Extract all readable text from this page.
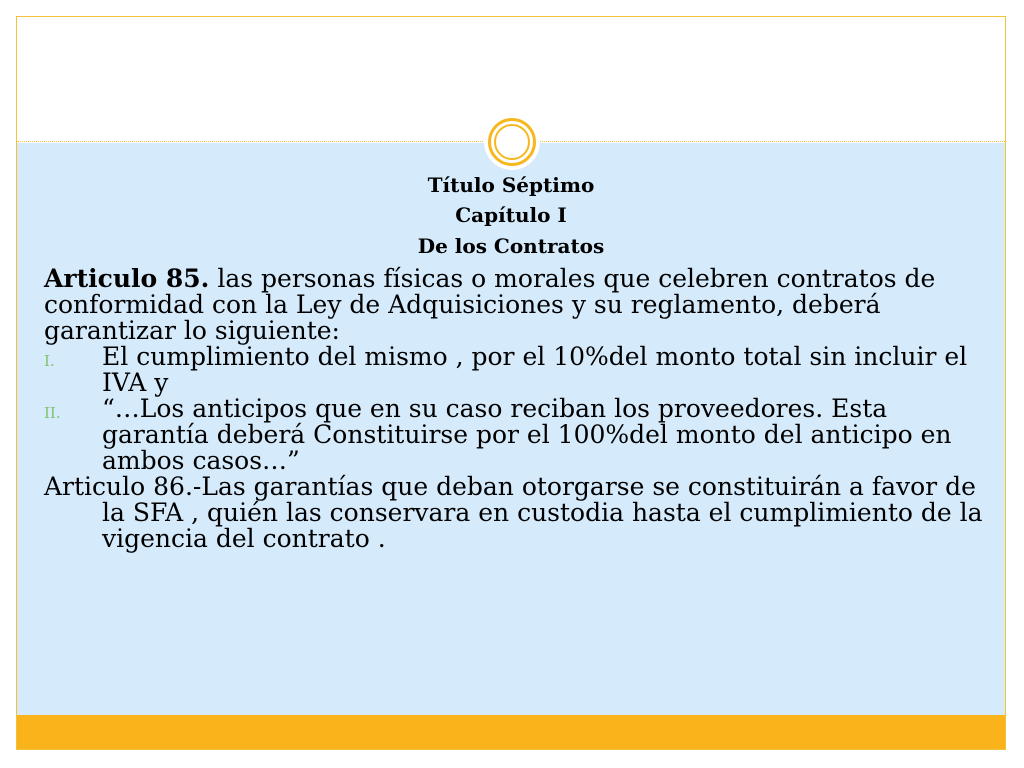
Título Séptimo
Capítulo I
De los Contratos

Articulo 85. las personas físicas o morales que celebren contratos de conformidad con la Ley de Adquisiciones y su reglamento, deberá garantizar lo siguiente:

I.	El cumplimiento del mismo , por el 10%del monto total sin incluir el IVA y
II.	“…Los anticipos que en su caso reciban los proveedores. Esta garantía deberá Constituirse por el 100%del monto del anticipo en ambos casos…”

Articulo 86.-Las garantías que deban otorgarse se constituirán a favor de la SFA , quién las conservara en custodia hasta el cumplimiento de la vigencia del contrato .
